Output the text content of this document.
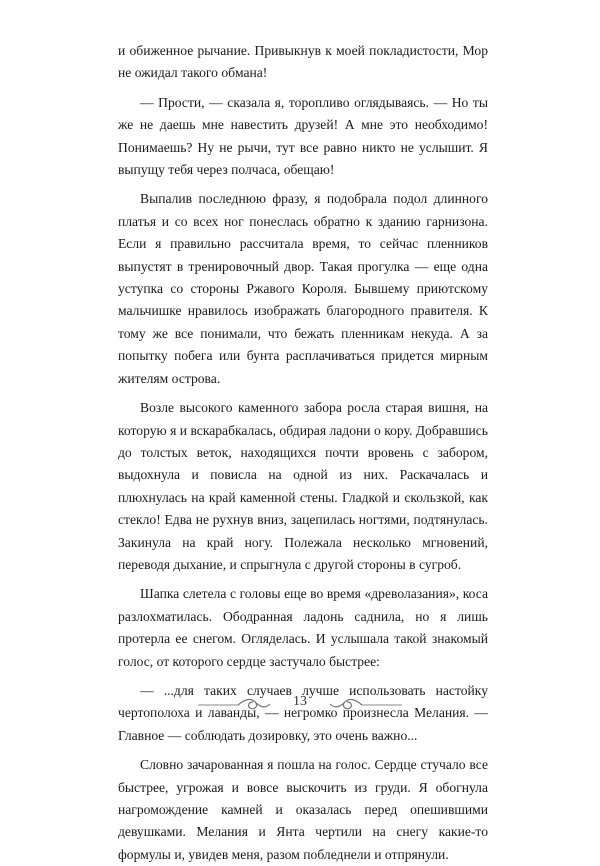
и обиженное рычание. Привыкнув к моей покладистости, Мор не ожидал такого обмана!

— Прости, — сказала я, торопливо оглядываясь. — Но ты же не даешь мне навестить друзей! А мне это необходимо! Понимаешь? Ну не рычи, тут все равно никто не услышит. Я выпущу тебя через полчаса, обещаю!

Выпалив последнюю фразу, я подобрала подол длинного платья и со всех ног понеслась обратно к зданию гарнизона. Если я правильно рассчитала время, то сейчас пленников выпустят в тренировочный двор. Такая прогулка — еще одна уступка со стороны Ржавого Короля. Бывшему приютскому мальчишке нравилось изображать благородного правителя. К тому же все понимали, что бежать пленникам некуда. А за попытку побега или бунта расплачиваться придется мирным жителям острова.

Возле высокого каменного забора росла старая вишня, на которую я и вскарабкалась, обдирая ладони о кору. Добравшись до толстых веток, находящихся почти вровень с забором, выдохнула и повисла на одной из них. Раскачалась и плюхнулась на край каменной стены. Гладкой и скользкой, как стекло! Едва не рухнув вниз, зацепилась ногтями, подтянулась. Закинула на край ногу. Полежала несколько мгновений, переводя дыхание, и спрыгнула с другой стороны в сугроб.

Шапка слетела с головы еще во время «древолазания», коса разлохматилась. Ободранная ладонь саднила, но я лишь протерла ее снегом. Огляделась. И услышала такой знакомый голос, от которого сердце застучало быстрее:

— ...для таких случаев лучше использовать настойку чертополоха и лаванды, — негромко произнесла Мелания. — Главное — соблюдать дозировку, это очень важно...

Словно зачарованная я пошла на голос. Сердце стучало все быстрее, угрожая и вовсе выскочить из груди. Я обогнула нагромождение камней и оказалась перед опешившими девушками. Мелания и Янта чертили на снегу какие-то формулы и, увидев меня, разом побледнели и отпрянули.

13
